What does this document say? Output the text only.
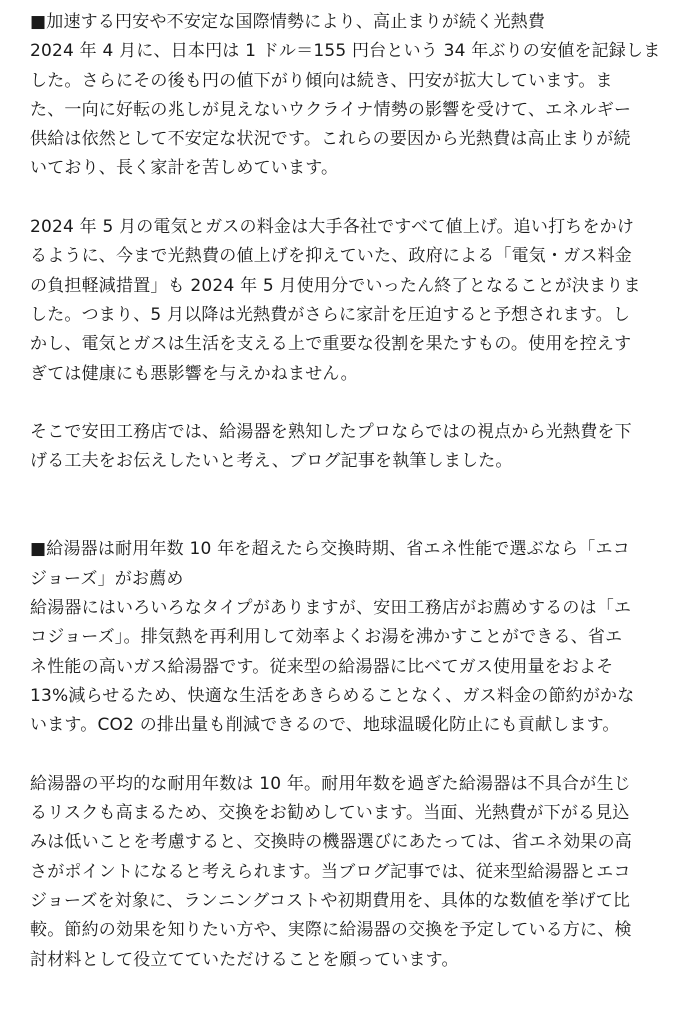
■加速する円安や不安定な国際情勢により、高止まりが続く光熱費
2024 年 4 月に、日本円は 1 ドル＝155 円台という 34 年ぶりの安値を記録しま
した。さらにその後も円の値下がり傾向は続き、円安が拡大しています。ま
た、一向に好転の兆しが見えないウクライナ情勢の影響を受けて、エネルギー
供給は依然として不安定な状況です。これらの要因から光熱費は高止まりが続
いており、長く家計を苦しめています。
2024 年 5 月の電気とガスの料金は大手各社ですべて値上げ。追い打ちをかけ
るように、今まで光熱費の値上げを抑えていた、政府による「電気・ガス料金
の負担軽減措置」も 2024 年 5 月使用分でいったん終了となることが決まりま
した。つまり、5 月以降は光熱費がさらに家計を圧迫すると予想されます。し
かし、電気とガスは生活を支える上で重要な役割を果たすもの。使用を控えす
ぎては健康にも悪影響を与えかねません。
そこで安田工務店では、給湯器を熟知したプロならではの視点から光熱費を下
げる工夫をお伝えしたいと考え、ブログ記事を執筆しました。
■給湯器は耐用年数 10 年を超えたら交換時期、省エネ性能で選ぶなら「エコ
ジョーズ」がお薦め
給湯器にはいろいろなタイプがありますが、安田工務店がお薦めするのは「エ
コジョーズ」。排気熱を再利用して効率よくお湯を沸かすことができる、省エ
ネ性能の高いガス給湯器です。従来型の給湯器に比べてガス使用量をおよそ
13%減らせるため、快適な生活をあきらめることなく、ガス料金の節約がかな
います。CO2 の排出量も削減できるので、地球温暖化防止にも貢献します。
給湯器の平均的な耐用年数は 10 年。耐用年数を過ぎた給湯器は不具合が生じ
るリスクも高まるため、交換をお勧めしています。当面、光熱費が下がる見込
みは低いことを考慮すると、交換時の機器選びにあたっては、省エネ効果の高
さがポイントになると考えられます。当ブログ記事では、従来型給湯器とエコ
ジョーズを対象に、ランニングコストや初期費用を、具体的な数値を挙げて比
較。節約の効果を知りたい方や、実際に給湯器の交換を予定している方に、検
討材料として役立てていただけることを願っています。
